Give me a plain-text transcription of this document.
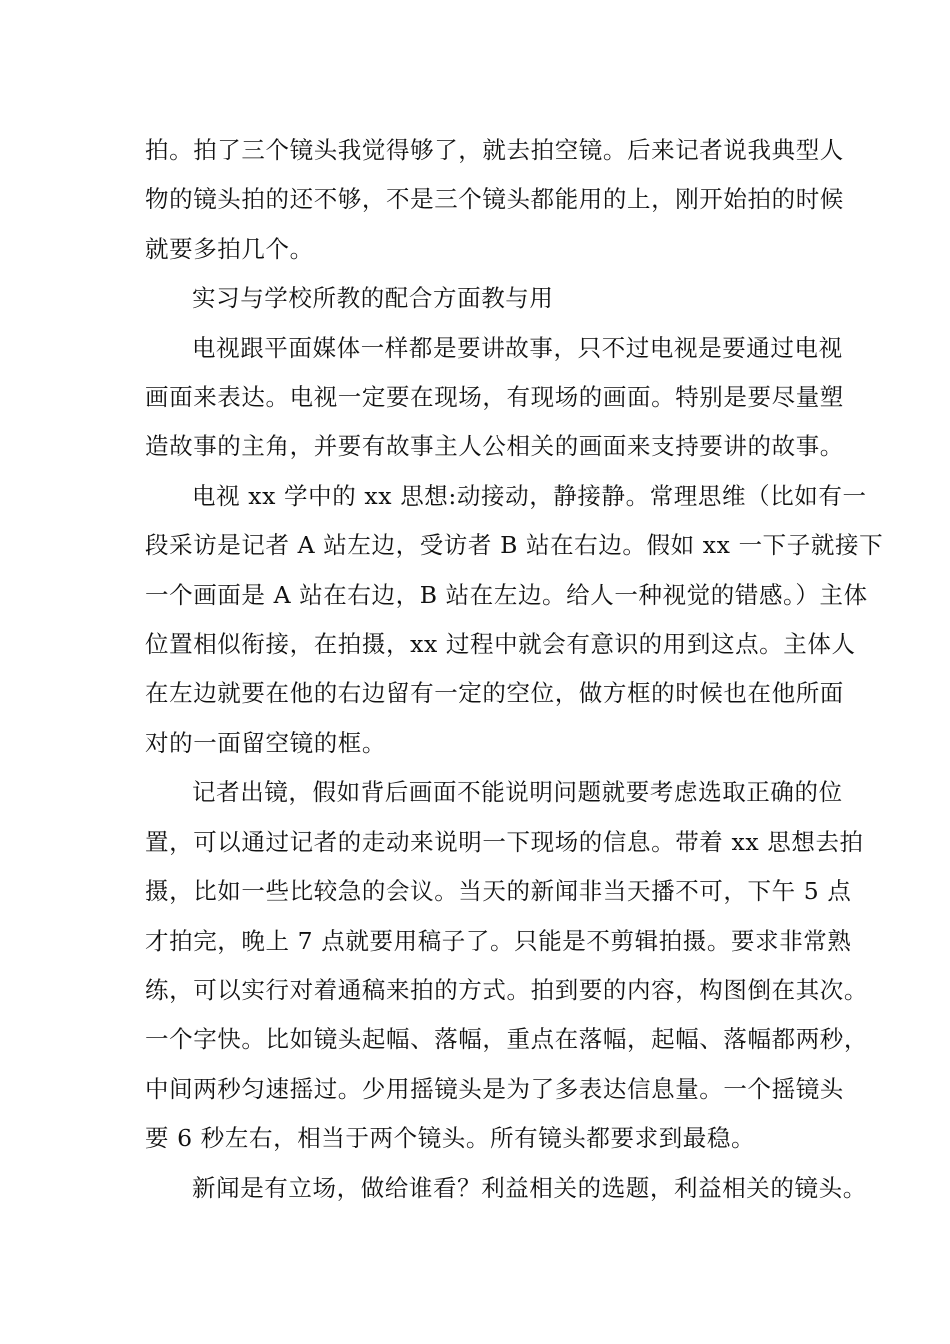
拍。拍了三个镜头我觉得够了，就去拍空镜。后来记者说我典型人
物的镜头拍的还不够，不是三个镜头都能用的上，刚开始拍的时候
就要多拍几个。

实习与学校所教的配合方面教与用

电视跟平面媒体一样都是要讲故事，只不过电视是要通过电视
画面来表达。电视一定要在现场，有现场的画面。特别是要尽量塑
造故事的主角，并要有故事主人公相关的画面来支持要讲的故事。

电视 xx 学中的 xx 思想:动接动，静接静。常理思维（比如有一
段采访是记者 A 站左边，受访者 B 站在右边。假如 xx 一下子就接下
一个画面是 A 站在右边，B 站在左边。给人一种视觉的错感。）主体
位置相似衔接，在拍摄，xx 过程中就会有意识的用到这点。主体人
在左边就要在他的右边留有一定的空位，做方框的时候也在他所面
对的一面留空镜的框。

记者出镜，假如背后画面不能说明问题就要考虑选取正确的位
置，可以通过记者的走动来说明一下现场的信息。带着 xx 思想去拍
摄，比如一些比较急的会议。当天的新闻非当天播不可，下午 5 点
才拍完，晚上 7 点就要用稿子了。只能是不剪辑拍摄。要求非常熟
练，可以实行对着通稿来拍的方式。拍到要的内容，构图倒在其次。
一个字快。比如镜头起幅、落幅，重点在落幅，起幅、落幅都两秒，
中间两秒匀速摇过。少用摇镜头是为了多表达信息量。一个摇镜头
要 6 秒左右，相当于两个镜头。所有镜头都要求到最稳。

新闻是有立场，做给谁看？利益相关的选题，利益相关的镜头。
